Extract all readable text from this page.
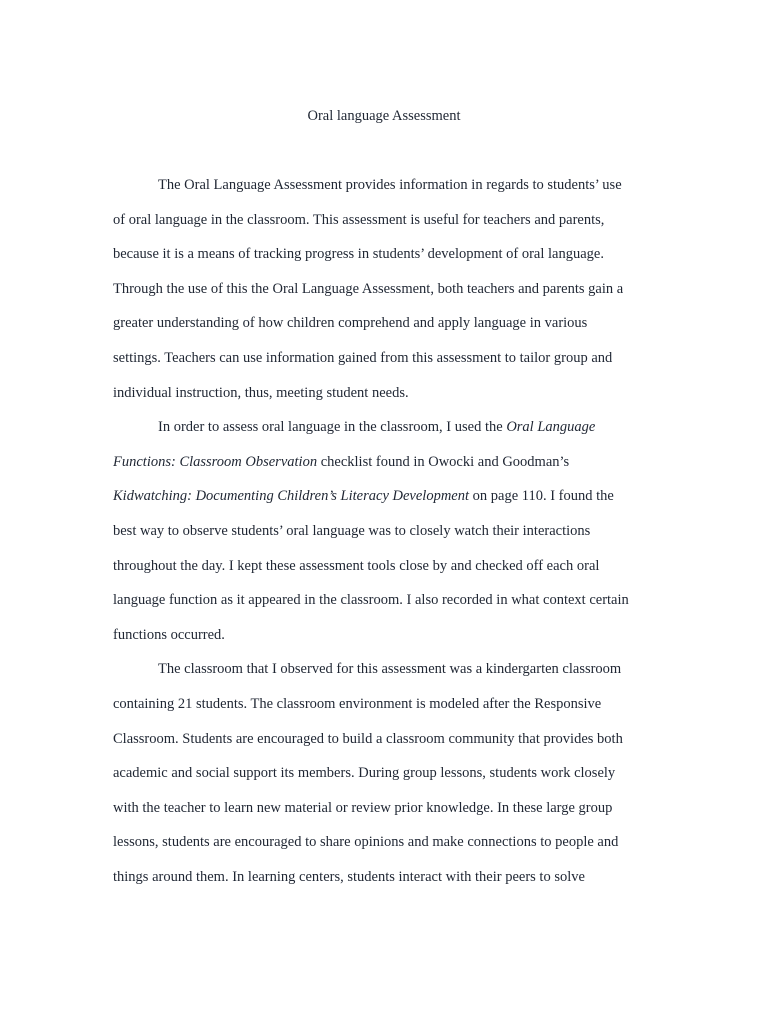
Oral language Assessment
The Oral Language Assessment provides information in regards to students’ use
of oral language in the classroom. This assessment is useful for teachers and parents,
because it is a means of tracking progress in students’ development of oral language.
Through the use of this the Oral Language Assessment, both teachers and parents gain a
greater understanding of how children comprehend and apply language in various
settings. Teachers can use information gained from this assessment to tailor group and
individual instruction, thus, meeting student needs.
In order to assess oral language in the classroom, I used the Oral Language
Functions: Classroom Observation checklist found in Owocki and Goodman’s
Kidwatching: Documenting Children’s Literacy Development on page 110. I found the
best way to observe students’ oral language was to closely watch their interactions
throughout the day. I kept these assessment tools close by and checked off each oral
language function as it appeared in the classroom. I also recorded in what context certain
functions occurred.
The classroom that I observed for this assessment was a kindergarten classroom
containing 21 students. The classroom environment is modeled after the Responsive
Classroom. Students are encouraged to build a classroom community that provides both
academic and social support its members. During group lessons, students work closely
with the teacher to learn new material or review prior knowledge. In these large group
lessons, students are encouraged to share opinions and make connections to people and
things around them. In learning centers, students interact with their peers to solve
